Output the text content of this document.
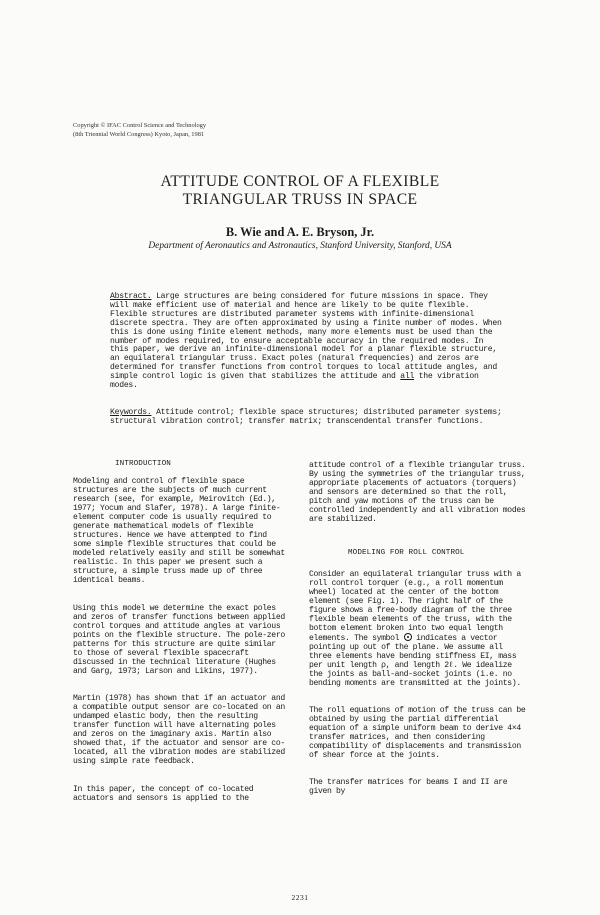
Copyright © IFAC Control Science and Technology
(8th Triennial World Congress) Kyoto, Japan, 1981
ATTITUDE CONTROL OF A FLEXIBLE
TRIANGULAR TRUSS IN SPACE
B. Wie and A. E. Bryson, Jr.
Department of Aeronautics and Astronautics, Stanford University, Stanford, USA
Abstract. Large structures are being considered for future missions in space. They will make efficient use of material and hence are likely to be quite flexible. Flexible structures are distributed parameter systems with infinite-dimensional discrete spectra. They are often approximated by using a finite number of modes. When this is done using finite element methods, many more elements must be used than the number of modes required, to ensure acceptable accuracy in the required modes. In this paper, we derive an infinite-dimensional model for a planar flexible structure, an equilateral triangular truss. Exact poles (natural frequencies) and zeros are determined for transfer functions from control torques to local attitude angles, and simple control logic is given that stabilizes the attitude and all the vibration modes.
Keywords. Attitude control; flexible space structures; distributed parameter systems; structural vibration control; transfer matrix; transcendental transfer functions.
INTRODUCTION
Modeling and control of flexible space structures are the subjects of much current research (see, for example, Meirovitch (Ed.), 1977; Yocum and Slafer, 1978). A large finite-element computer code is usually required to generate mathematical models of flexible structures. Hence we have attempted to find some simple flexible structures that could be modeled relatively easily and still be somewhat realistic. In this paper we present such a structure, a simple truss made up of three identical beams.
Using this model we determine the exact poles and zeros of transfer functions between applied control torques and attitude angles at various points on the flexible structure. The pole-zero patterns for this structure are quite similar to those of several flexible spacecraft discussed in the technical literature (Hughes and Garg, 1973; Larson and Likins, 1977).
Martin (1978) has shown that if an actuator and a compatible output sensor are co-located on an undamped elastic body, then the resulting transfer function will have alternating poles and zeros on the imaginary axis. Martin also showed that, if the actuator and sensor are co-located, all the vibration modes are stabilized using simple rate feedback.
In this paper, the concept of co-located actuators and sensors is applied to the
attitude control of a flexible triangular truss. By using the symmetries of the triangular truss, appropriate placements of actuators (torquers) and sensors are determined so that the roll, pitch and yaw motions of the truss can be controlled independently and all vibration modes are stabilized.
MODELING FOR ROLL CONTROL
Consider an equilateral triangular truss with a roll control torquer (e.g., a roll momentum wheel) located at the center of the bottom element (see Fig. 1). The right half of the figure shows a free-body diagram of the three flexible beam elements of the truss, with the bottom element broken into two equal length elements. The symbol  indicates a vector pointing up out of the plane. We assume all three elements have bending stiffness EI, mass per unit length ρ, and length 2ℓ. We idealize the joints as ball-and-socket joints (i.e. no bending moments are transmitted at the joints).
The roll equations of motion of the truss can be obtained by using the partial differential equation of a simple uniform beam to derive 4×4 transfer matrices, and then considering compatibility of displacements and transmission of shear force at the joints.
The transfer matrices for beams I and II are given by
2231
